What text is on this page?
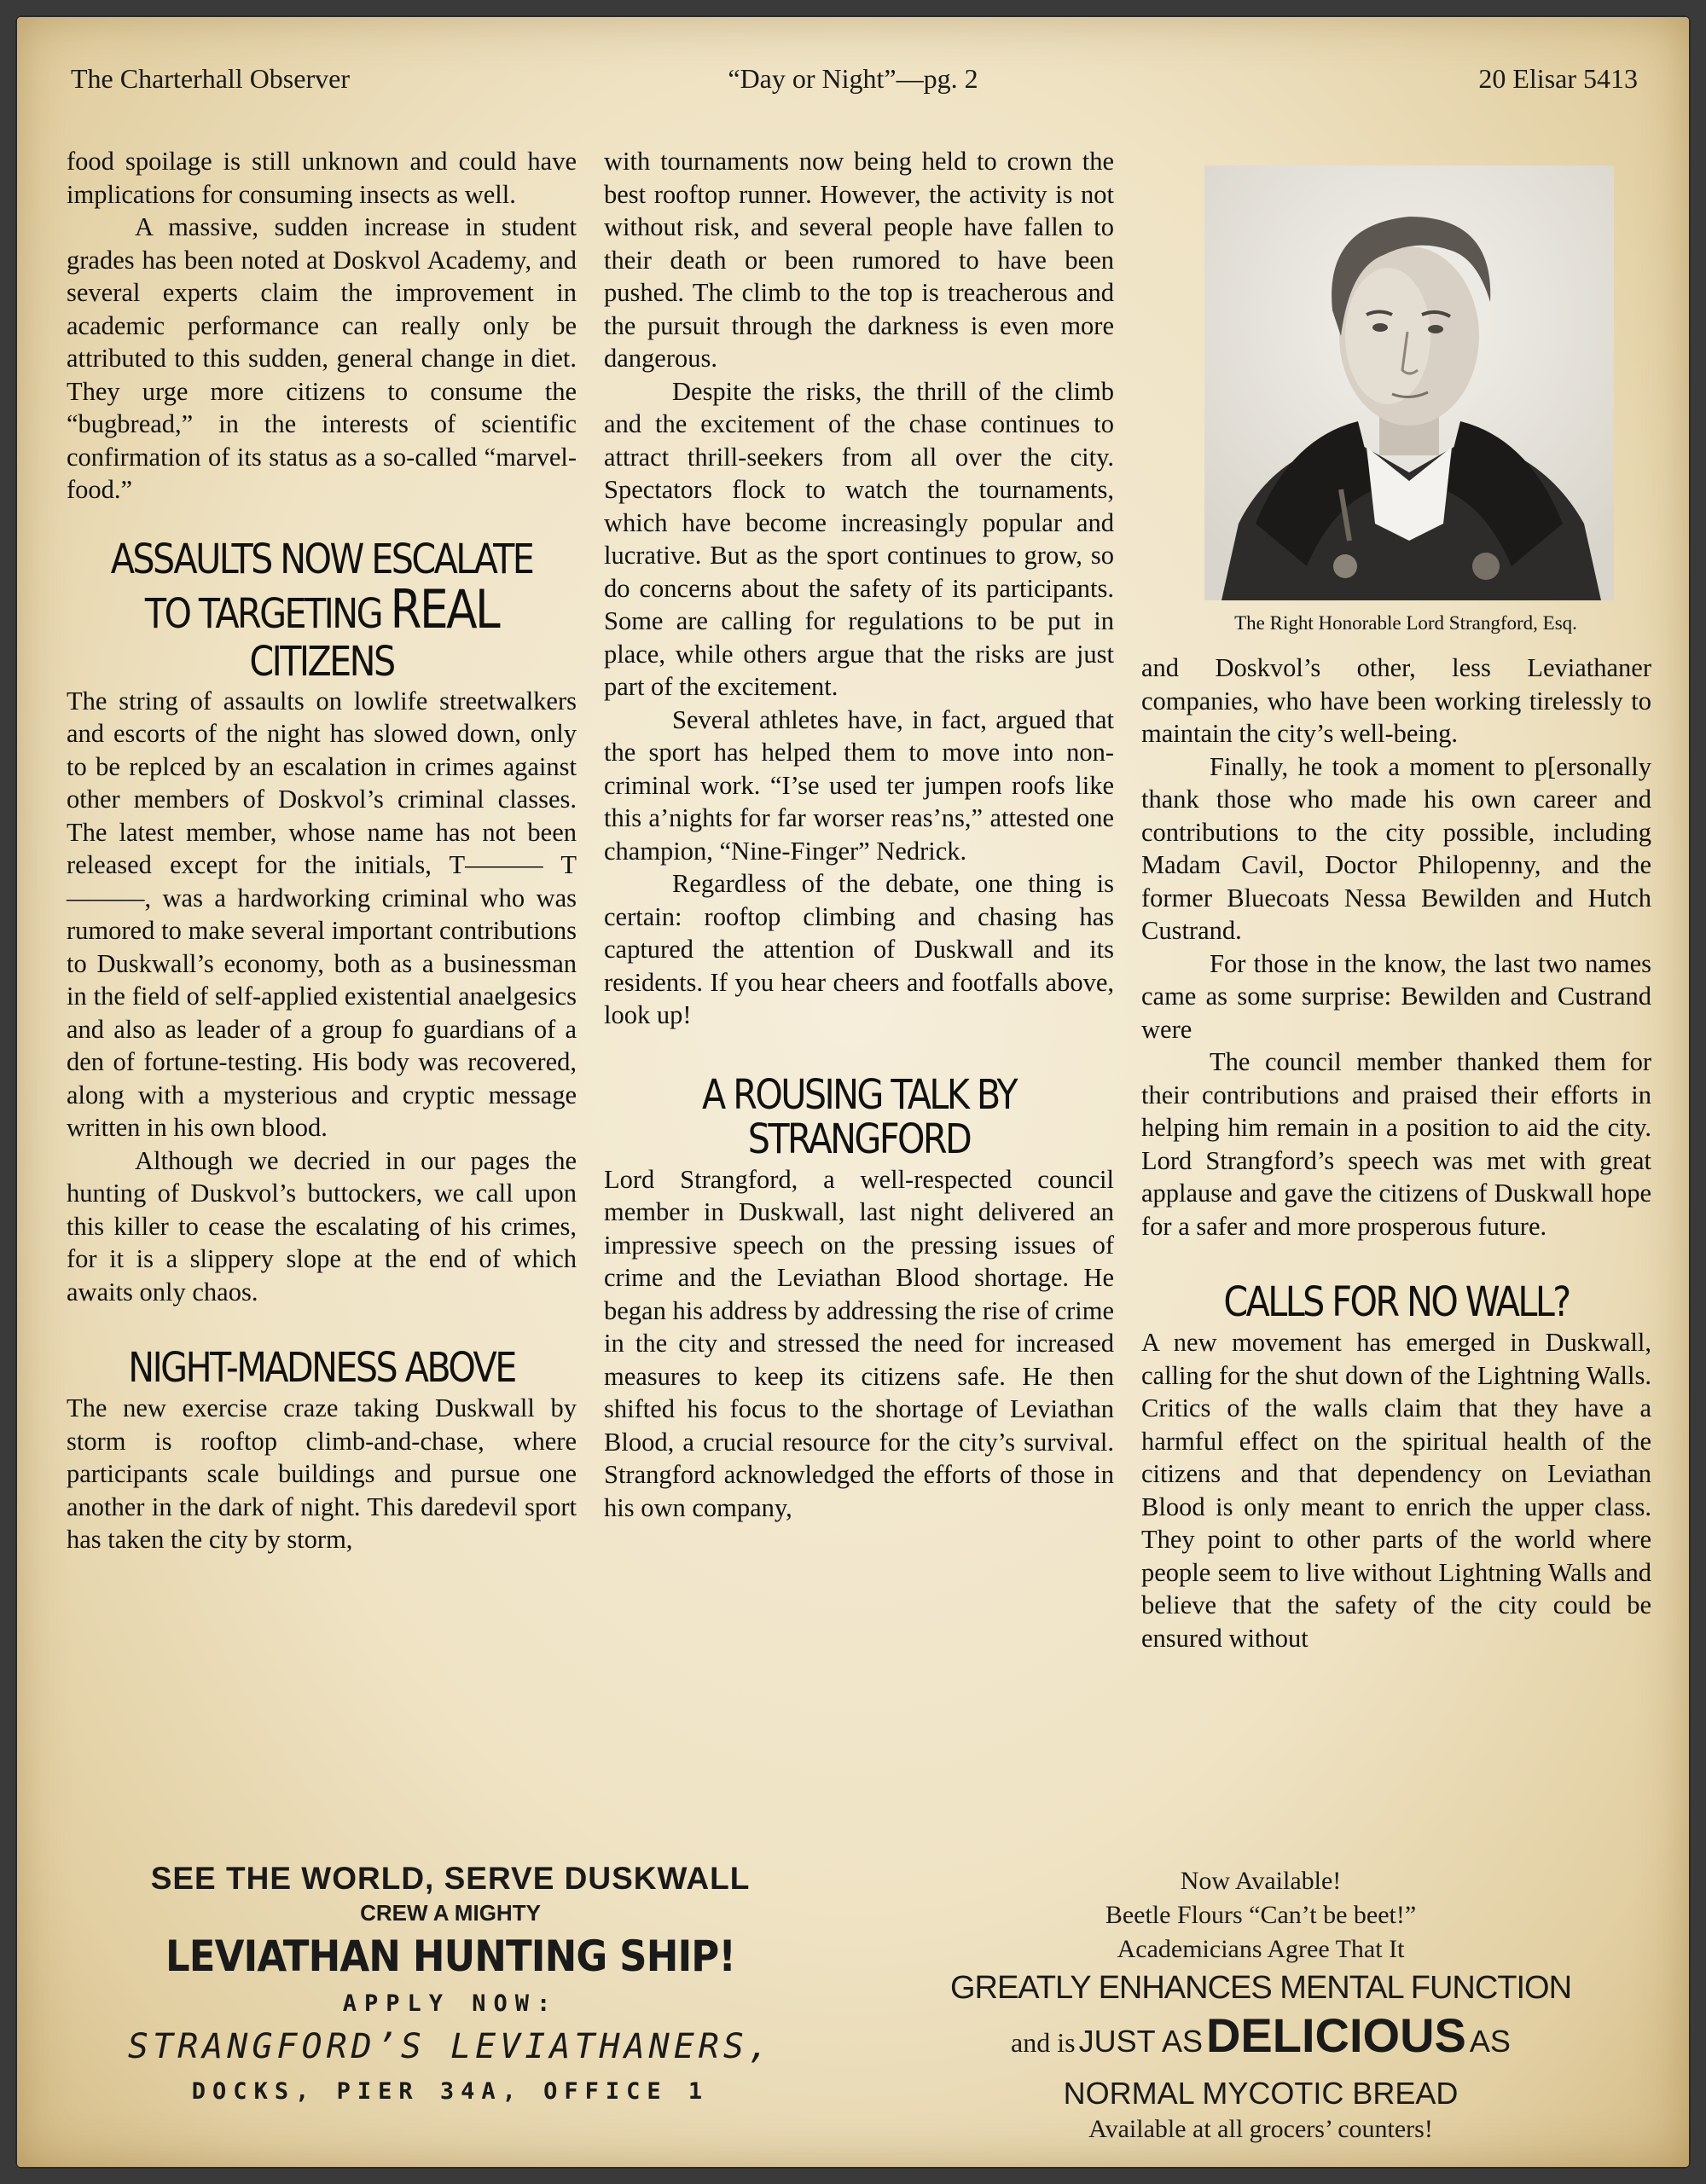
The Charterhall Observer	“Day or Night”—pg. 2	20 Elisar 5413

food spoilage is still unknown and could have implications for consuming insects as well.

A massive, sudden increase in student grades has been noted at Doskvol Academy, and several experts claim the improvement in academic performance can really only be attributed to this sudden, general change in diet. They urge more citizens to consume the “bugbread,” in the interests of scientific confirmation of its status as a so-called “marvel-food.”

ASSAULTS NOW ESCALATE
TO TARGETING REAL
CITIZENS

The string of assaults on lowlife streetwalkers and escorts of the night has slowed down, only to be replced by an escalation in crimes against other members of Doskvol’s criminal classes. The latest member, whose name has not been released except for the initials, T——— T———, was a hardworking criminal who was rumored to make several important contributions to Duskwall’s economy, both as a businessman in the field of self-applied existential anaelgesics and also as leader of a group fo guardians of a den of fortune-testing. His body was recovered, along with a mysterious and cryptic message written in his own blood.

Although we decried in our pages the hunting of Duskvol’s buttockers, we call upon this killer to cease the escalating of his crimes, for it is a slippery slope at the end of which awaits only chaos.

NIGHT-MADNESS ABOVE

The new exercise craze taking Duskwall by storm is rooftop climb-and-chase, where participants scale buildings and pursue one another in the dark of night. This daredevil sport has taken the city by storm,

with tournaments now being held to crown the best rooftop runner. However, the activity is not without risk, and several people have fallen to their death or been rumored to have been pushed. The climb to the top is treacherous and the pursuit through the darkness is even more dangerous.

Despite the risks, the thrill of the climb and the excitement of the chase continues to attract thrill-seekers from all over the city. Spectators flock to watch the tournaments, which have become increasingly popular and lucrative. But as the sport continues to grow, so do concerns about the safety of its participants. Some are calling for regulations to be put in place, while others argue that the risks are just part of the excitement.

Several athletes have, in fact, argued that the sport has helped them to move into non-criminal work. “I’se used ter jumpen roofs like this a’nights for far worser reas’ns,” attested one champion, “Nine-Finger” Nedrick.

Regardless of the debate, one thing is certain: rooftop climbing and chasing has captured the attention of Duskwall and its residents. If you hear cheers and footfalls above, look up!

A ROUSING TALK BY
STRANGFORD

Lord Strangford, a well-respected council member in Duskwall, last night delivered an impressive speech on the pressing issues of crime and the Leviathan Blood shortage. He began his address by addressing the rise of crime in the city and stressed the need for increased measures to keep its citizens safe. He then shifted his focus to the shortage of Leviathan Blood, a crucial resource for the city’s survival. Strangford acknowledged the efforts of those in his own company,

The Right Honorable Lord Strangford, Esq.

and Doskvol’s other, less Leviathaner companies, who have been working tirelessly to maintain the city’s well-being.

Finally, he took a moment to p[ersonally thank those who made his own career and contributions to the city possible, including Madam Cavil, Doctor Philopenny, and the former Bluecoats Nessa Bewilden and Hutch Custrand.

For those in the know, the last two names came as some surprise: Bewilden and Custrand were

The council member thanked them for their contributions and praised their efforts in helping him remain in a position to aid the city. Lord Strangford’s speech was met with great applause and gave the citizens of Duskwall hope for a safer and more prosperous future.

CALLS FOR NO WALL?

A new movement has emerged in Duskwall, calling for the shut down of the Lightning Walls. Critics of the walls claim that they have a harmful effect on the spiritual health of the citizens and that dependency on Leviathan Blood is only meant to enrich the upper class. They point to other parts of the world where people seem to live without Lightning Walls and believe that the safety of the city could be ensured without

SEE THE WORLD, SERVE DUSKWALL
CREW A MIGHTY
LEVIATHAN HUNTING SHIP!
APPLY NOW:
STRANGFORD’S LEVIATHANERS,
DOCKS, PIER 34A, OFFICE 1
Now Available!
Beetle Flours “Can’t be beet!”
Academicians Agree That It
GREATLY ENHANCES MENTAL FUNCTION
and is JUST AS DELICIOUS AS
NORMAL MYCOTIC BREAD
Available at all grocers’ counters!
